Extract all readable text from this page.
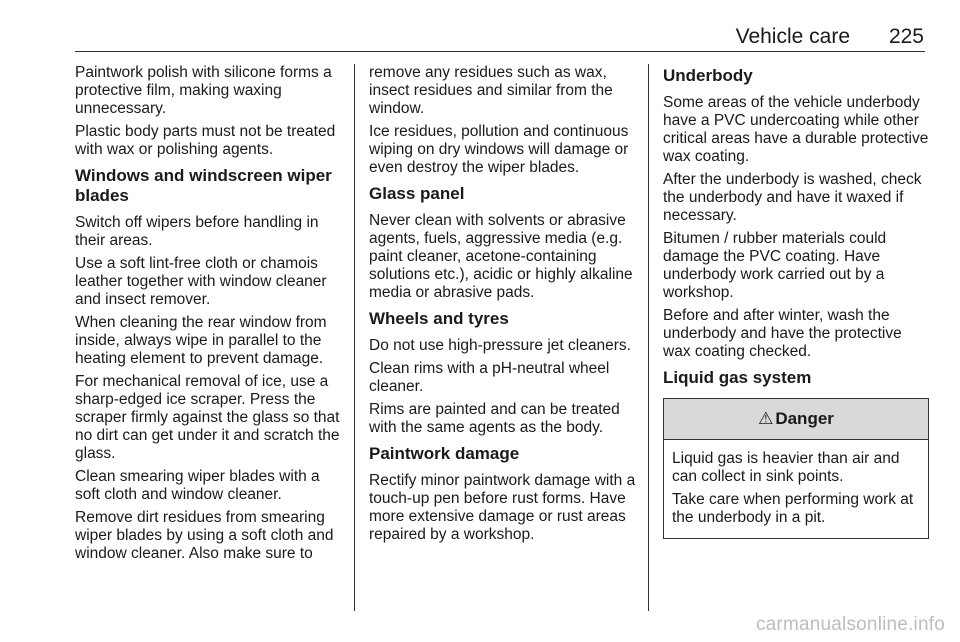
Vehicle care	225

Paintwork polish with silicone forms a protective film, making waxing unnecessary.

Plastic body parts must not be treated with wax or polishing agents.

Windows and windscreen wiper blades

Switch off wipers before handling in their areas.

Use a soft lint-free cloth or chamois leather together with window cleaner and insect remover.

When cleaning the rear window from inside, always wipe in parallel to the heating element to prevent damage.

For mechanical removal of ice, use a sharp-edged ice scraper. Press the scraper firmly against the glass so that no dirt can get under it and scratch the glass.

Clean smearing wiper blades with a soft cloth and window cleaner.

Remove dirt residues from smearing wiper blades by using a soft cloth and window cleaner. Also make sure to

remove any residues such as wax, insect residues and similar from the window.

Ice residues, pollution and continuous wiping on dry windows will damage or even destroy the wiper blades.

Glass panel

Never clean with solvents or abrasive agents, fuels, aggressive media (e.g. paint cleaner, acetone-containing solutions etc.), acidic or highly alkaline media or abrasive pads.

Wheels and tyres

Do not use high-pressure jet cleaners.

Clean rims with a pH-neutral wheel cleaner.

Rims are painted and can be treated with the same agents as the body.

Paintwork damage

Rectify minor paintwork damage with a touch-up pen before rust forms. Have more extensive damage or rust areas repaired by a workshop.

Underbody

Some areas of the vehicle underbody have a PVC undercoating while other critical areas have a durable protective wax coating.

After the underbody is washed, check the underbody and have it waxed if necessary.

Bitumen / rubber materials could damage the PVC coating. Have underbody work carried out by a workshop.

Before and after winter, wash the underbody and have the protective wax coating checked.

Liquid gas system
⚠ Danger

Liquid gas is heavier than air and can collect in sink points.

Take care when performing work at the underbody in a pit.

carmanualsonline.info
